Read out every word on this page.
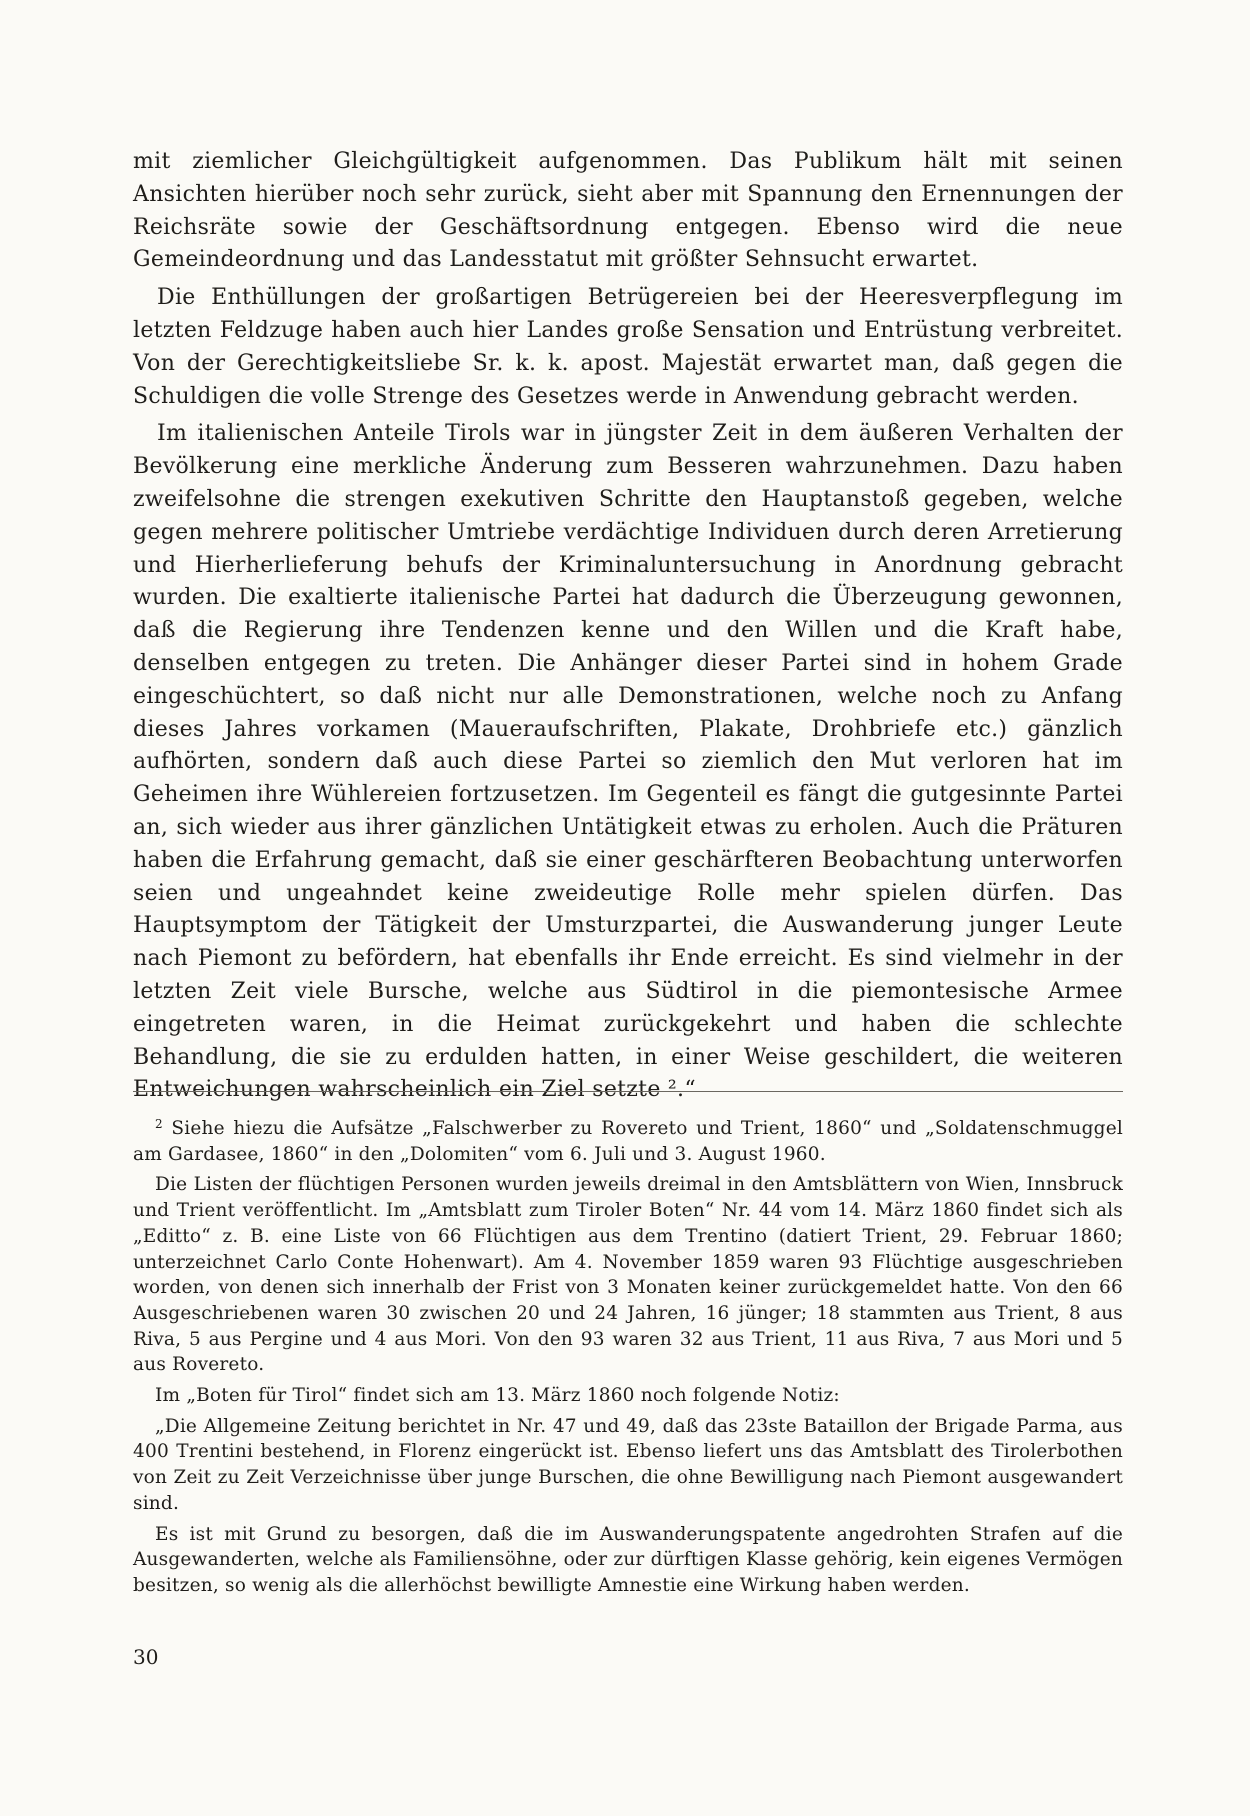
mit ziemlicher Gleichgültigkeit aufgenommen. Das Publikum hält mit seinen Ansichten hierüber noch sehr zurück, sieht aber mit Spannung den Ernennungen der Reichsräte sowie der Geschäftsordnung entgegen. Ebenso wird die neue Gemeindeordnung und das Landesstatut mit größter Sehnsucht erwartet.

Die Enthüllungen der großartigen Betrügereien bei der Heeresverpflegung im letzten Feldzuge haben auch hier Landes große Sensation und Entrüstung verbreitet. Von der Gerechtigkeitsliebe Sr. k. k. apost. Majestät erwartet man, daß gegen die Schuldigen die volle Strenge des Gesetzes werde in Anwendung gebracht werden.

Im italienischen Anteile Tirols war in jüngster Zeit in dem äußeren Verhalten der Bevölkerung eine merkliche Änderung zum Besseren wahrzunehmen. Dazu haben zweifelsohne die strengen exekutiven Schritte den Hauptanstoß gegeben, welche gegen mehrere politischer Umtriebe verdächtige Individuen durch deren Arretierung und Hierherlieferung behufs der Kriminaluntersuchung in Anordnung gebracht wurden. Die exaltierte italienische Partei hat dadurch die Überzeugung gewonnen, daß die Regierung ihre Tendenzen kenne und den Willen und die Kraft habe, denselben entgegen zu treten. Die Anhänger dieser Partei sind in hohem Grade eingeschüchtert, so daß nicht nur alle Demonstrationen, welche noch zu Anfang dieses Jahres vorkamen (Maueraufschriften, Plakate, Drohbriefe etc.) gänzlich aufhörten, sondern daß auch diese Partei so ziemlich den Mut verloren hat im Geheimen ihre Wühlereien fortzusetzen. Im Gegenteil es fängt die gutgesinnte Partei an, sich wieder aus ihrer gänzlichen Untätigkeit etwas zu erholen. Auch die Präturen haben die Erfahrung gemacht, daß sie einer geschärfteren Beobachtung unterworfen seien und ungeahndet keine zweideutige Rolle mehr spielen dürfen. Das Hauptsymptom der Tätigkeit der Umsturzpartei, die Auswanderung junger Leute nach Piemont zu befördern, hat ebenfalls ihr Ende erreicht. Es sind vielmehr in der letzten Zeit viele Bursche, welche aus Südtirol in die piemontesische Armee eingetreten waren, in die Heimat zurückgekehrt und haben die schlechte Behandlung, die sie zu erdulden hatten, in einer Weise geschildert, die weiteren Entweichungen wahrscheinlich ein Ziel setzte ².“

$^2$ Siehe hiezu die Aufsätze „Falschwerber zu Rovereto und Trient, 1860“ und „Soldatenschmuggel am Gardasee, 1860“ in den „Dolomiten“ vom 6. Juli und 3. August 1960.

Die Listen der flüchtigen Personen wurden jeweils dreimal in den Amtsblättern von Wien, Innsbruck und Trient veröffentlicht. Im „Amtsblatt zum Tiroler Boten“ Nr. 44 vom 14. März 1860 findet sich als „Editto“ z. B. eine Liste von 66 Flüchtigen aus dem Trentino (datiert Trient, 29. Februar 1860; unterzeichnet Carlo Conte Hohenwart). Am 4. November 1859 waren 93 Flüchtige ausgeschrieben worden, von denen sich innerhalb der Frist von 3 Monaten keiner zurückgemeldet hatte. Von den 66 Ausgeschriebenen waren 30 zwischen 20 und 24 Jahren, 16 jünger; 18 stammten aus Trient, 8 aus Riva, 5 aus Pergine und 4 aus Mori. Von den 93 waren 32 aus Trient, 11 aus Riva, 7 aus Mori und 5 aus Rovereto.

Im „Boten für Tirol“ findet sich am 13. März 1860 noch folgende Notiz:

„Die Allgemeine Zeitung berichtet in Nr. 47 und 49, daß das 23ste Bataillon der Brigade Parma, aus 400 Trentini bestehend, in Florenz eingerückt ist. Ebenso liefert uns das Amtsblatt des Tirolerbothen von Zeit zu Zeit Verzeichnisse über junge Burschen, die ohne Bewilligung nach Piemont ausgewandert sind.

Es ist mit Grund zu besorgen, daß die im Auswanderungspatente angedrohten Strafen auf die Ausgewanderten, welche als Familiensöhne, oder zur dürftigen Klasse gehörig, kein eigenes Vermögen besitzen, so wenig als die allerhöchst bewilligte Amnestie eine Wirkung haben werden.

30
